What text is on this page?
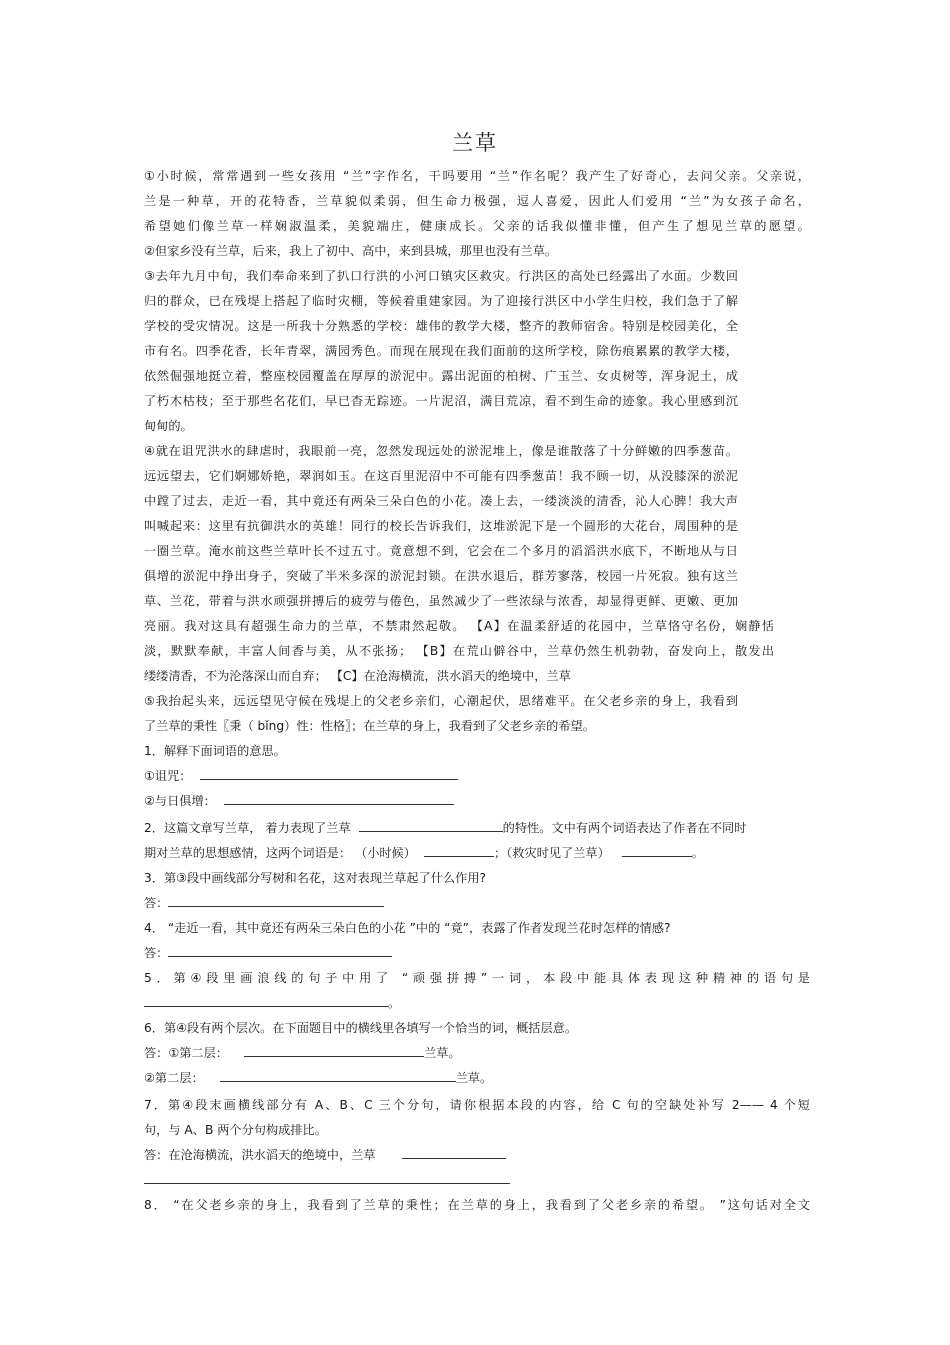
兰草
①小时候，常常遇到一些女孩用 “兰”字作名，干吗要用 “兰”作名呢？我产生了好奇心，去问父亲。父亲说，
兰是一种草，开的花特香，兰草貌似柔弱，但生命力极强，逗人喜爱，因此人们爱用 “兰”为女孩子命名，
希望她们像兰草一样娴淑温柔，美貌端庄，健康成长。父亲的话我似懂非懂，但产生了想见兰草的愿望。
②但家乡没有兰草，后来，我上了初中、高中，来到县城，那里也没有兰草。
③去年九月中旬，我们奉命来到了扒口行洪的小河口镇灾区救灾。行洪区的高处已经露出了水面。少数回
归的群众，已在残堤上搭起了临时灾棚，等候着重建家园。为了迎接行洪区中小学生归校，我们急于了解
学校的受灾情况。这是一所我十分熟悉的学校：雄伟的教学大楼，整齐的教师宿舍。特别是校园美化，全
市有名。四季花香，长年青翠，满园秀色。而现在展现在我们面前的这所学校，除伤痕累累的教学大楼，
依然倔强地挺立着，整座校园覆盖在厚厚的淤泥中。露出泥面的柏树、广玉兰、女贞树等，浑身泥土，成
了朽木枯枝；至于那些名花们，早已杳无踪迹。一片泥沼，满目荒凉，看不到生命的迹象。我心里感到沉
甸甸的。
④就在诅咒洪水的肆虐时，我眼前一亮，忽然发现远处的淤泥堆上，像是谁散落了十分鲜嫩的四季葱苗。
远远望去，它们婀娜娇艳，翠润如玉。在这百里泥沼中不可能有四季葱苗！我不顾一切，从没膝深的淤泥
中蹚了过去，走近一看，其中竟还有两朵三朵白色的小花。凑上去，一缕淡淡的清香，沁人心脾！我大声
叫喊起来：这里有抗御洪水的英雄！同行的校长告诉我们，这堆淤泥下是一个圆形的大花台，周围种的是
一圈兰草。淹水前这些兰草叶长不过五寸。竟意想不到，它会在二个多月的滔滔洪水底下，不断地从与日
俱增的淤泥中挣出身子，突破了半米多深的淤泥封锁。在洪水退后，群芳寥落，校园一片死寂。独有这兰
草、兰花，带着与洪水顽强拼搏后的疲劳与倦色，虽然减少了一些浓绿与浓香，却显得更鲜、更嫩、更加
亮丽。我对这具有超强生命力的兰草，不禁肃然起敬。 【A】在温柔舒适的花园中，兰草恪守名份，娴静恬
淡，默默奉献，丰富人间香与美，从不张扬； 【B】在荒山僻谷中，兰草仍然生机勃勃，奋发向上，散发出
缕缕清香，不为沦落深山而自弃； 【C】在沧海横流，洪水滔天的绝境中，兰草
⑤我抬起头来，远远望见守候在残堤上的父老乡亲们，心潮起伏，思绪难平。在父老乡亲的身上，我看到
了兰草的秉性〖秉（ bǐng）性：性格〗；在兰草的身上，我看到了父老乡亲的希望。
1．解释下面词语的意思。
①诅咒：
②与日俱增：
2．这篇文章写兰草， 着力表现了兰草	的特性。文中有两个词语表达了作者在不同时
期对兰草的思想感情，这两个词语是： （小时候）	；（救灾时见了兰草）	。
3．第③段中画线部分写树和名花，这对表现兰草起了什么作用?
答：
4． “走近一看，其中竟还有两朵三朵白色的小花 ”中的 “竟”，表露了作者发现兰花时怎样的情感?
答：
5．第④段里画浪线的句子中用了 “顽强拼搏”一词，本段中能具体表现这种精神的语句是
。
6．第④段有两个层次。在下面题目中的横线里各填写一个恰当的词，概括层意。
答：①第二层：	兰草。
②第二层：	兰草。
7．第④段末画横线部分有 A、B、C 三个分句，请你根据本段的内容，给 C 句的空缺处补写 2—— 4 个短
句，与 A、B 两个分句构成排比。
答：在沧海横流，洪水滔天的绝境中，兰草
8． “在父老乡亲的身上，我看到了兰草的秉性；在兰草的身上，我看到了父老乡亲的希望。 ”这句话对全文
